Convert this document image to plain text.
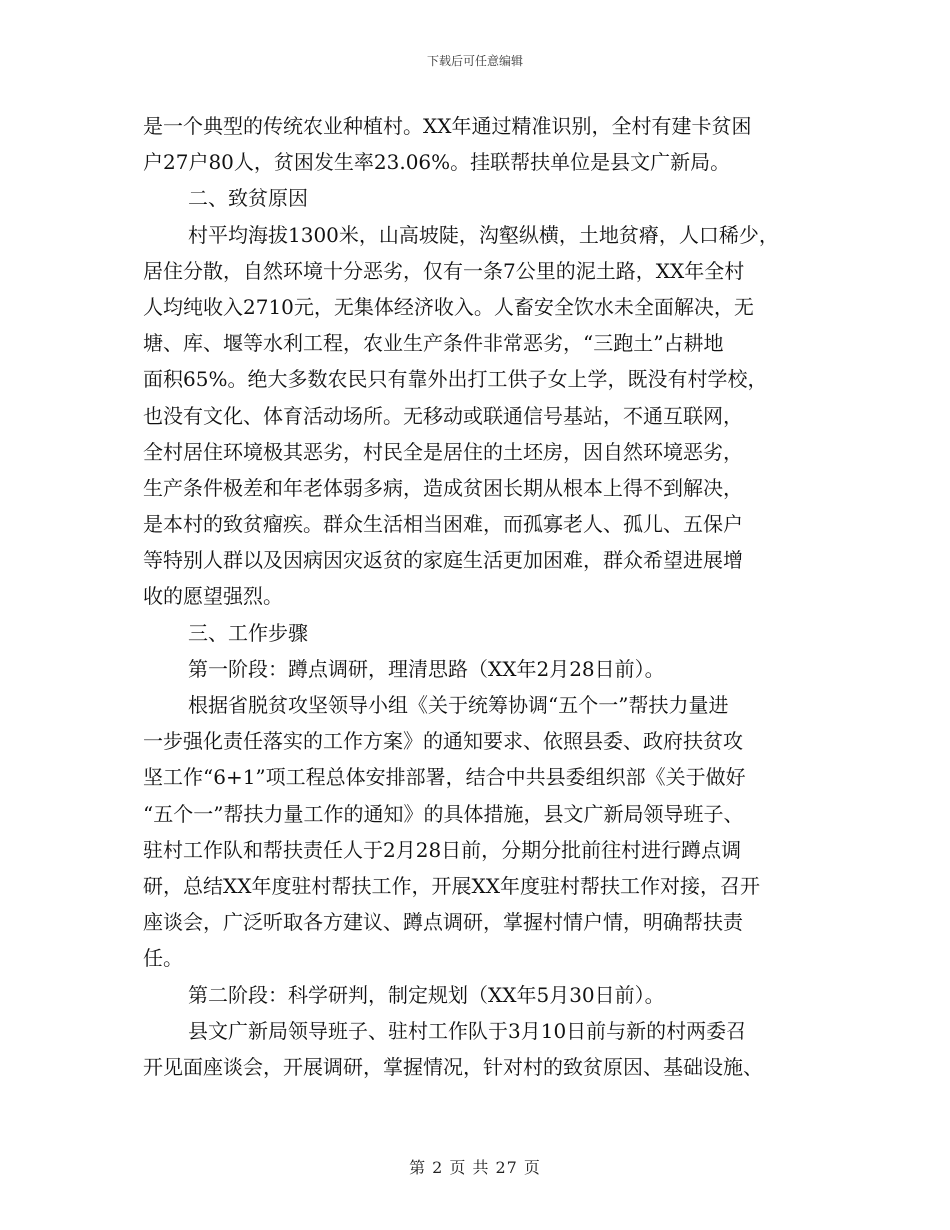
下载后可任意编辑
是一个典型的传统农业种植村。XX年通过精准识别，全村有建卡贫困
户27户80人，贫困发生率23.06%。挂联帮扶单位是县文广新局。
二、致贫原因
村平均海拔1300米，山高坡陡，沟壑纵横，土地贫瘠，人口稀少，
居住分散，自然环境十分恶劣，仅有一条7公里的泥土路，XX年全村
人均纯收入2710元，无集体经济收入。人畜安全饮水未全面解决，无
塘、库、堰等水利工程，农业生产条件非常恶劣，“三跑土”占耕地
面积65%。绝大多数农民只有靠外出打工供子女上学，既没有村学校，
也没有文化、体育活动场所。无移动或联通信号基站，不通互联网，
全村居住环境极其恶劣，村民全是居住的土坯房，因自然环境恶劣，
生产条件极差和年老体弱多病，造成贫困长期从根本上得不到解决，
是本村的致贫瘤疾。群众生活相当困难，而孤寡老人、孤儿、五保户
等特别人群以及因病因灾返贫的家庭生活更加困难，群众希望进展增
收的愿望强烈。
三、工作步骤
第一阶段：蹲点调研，理清思路（XX年2月28日前）。
根据省脱贫攻坚领导小组《关于统筹协调“五个一”帮扶力量进
一步强化责任落实的工作方案》的通知要求、依照县委、政府扶贫攻
坚工作“6+1”项工程总体安排部署，结合中共县委组织部《关于做好
“五个一”帮扶力量工作的通知》的具体措施，县文广新局领导班子、
驻村工作队和帮扶责任人于2月28日前，分期分批前往村进行蹲点调
研，总结XX年度驻村帮扶工作，开展XX年度驻村帮扶工作对接，召开
座谈会，广泛听取各方建议、蹲点调研，掌握村情户情，明确帮扶责
任。
第二阶段：科学研判，制定规划（XX年5月30日前）。
县文广新局领导班子、驻村工作队于3月10日前与新的村两委召
开见面座谈会，开展调研，掌握情况，针对村的致贫原因、基础设施、
第 2 页 共 27 页
